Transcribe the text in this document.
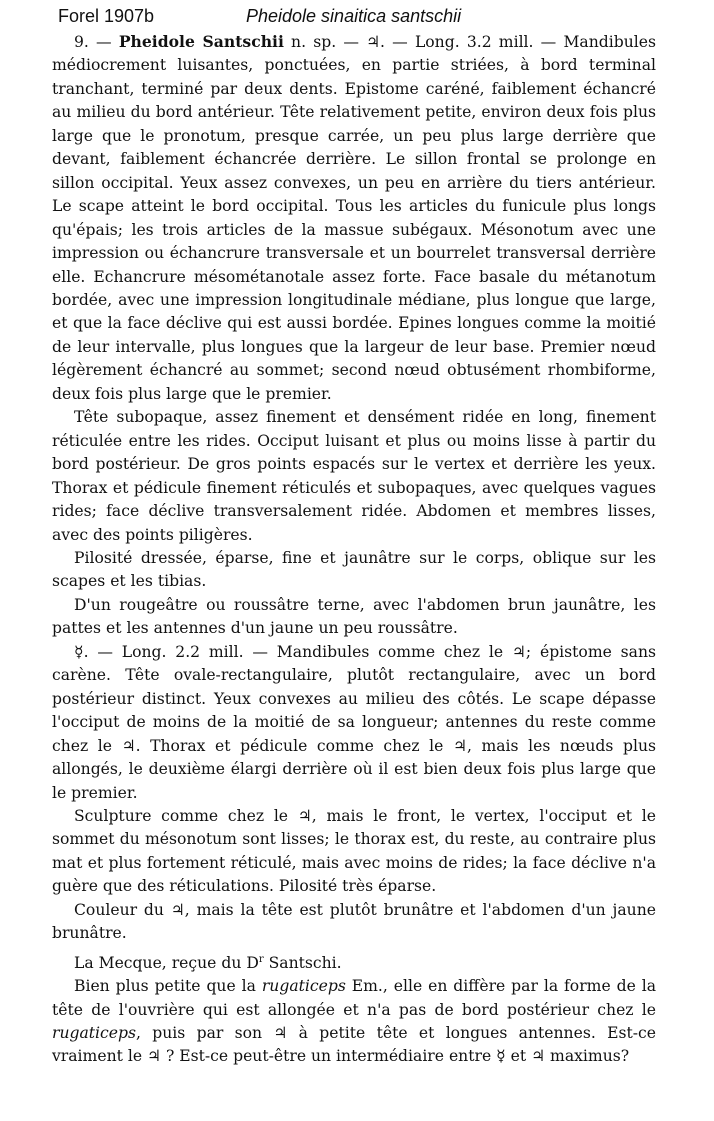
Forel 1907b	Pheidole sinaitica santschii

9. — Pheidole Santschii n. sp. — ♃. — Long. 3.2 mill. — Mandibules médiocrement luisantes, ponctuées, en partie striées, à bord terminal tranchant, terminé par deux dents. Epistome caréné, faiblement échancré au milieu du bord antérieur. Tête relativement petite, environ deux fois plus large que le pronotum, presque carrée, un peu plus large derrière que devant, faiblement échancrée derrière. Le sillon frontal se prolonge en sillon occipital. Yeux assez convexes, un peu en arrière du tiers antérieur. Le scape atteint le bord occipital. Tous les articles du funicule plus longs qu'épais; les trois articles de la massue subégaux. Mésonotum avec une impression ou échancrure transversale et un bourrelet transversal derrière elle. Echancrure mésométanotale assez forte. Face basale du métanotum bordée, avec une impression longitudinale médiane, plus longue que large, et que la face déclive qui est aussi bordée. Epines longues comme la moitié de leur intervalle, plus longues que la largeur de leur base. Premier nœud légèrement échancré au sommet; second nœud obtusément rhombiforme, deux fois plus large que le premier.

Tête subopaque, assez finement et densément ridée en long, finement réticulée entre les rides. Occiput luisant et plus ou moins lisse à partir du bord postérieur. De gros points espacés sur le vertex et derrière les yeux. Thorax et pédicule finement réticulés et subopaques, avec quelques vagues rides; face déclive transversalement ridée. Abdomen et membres lisses, avec des points piligères.

Pilosité dressée, éparse, fine et jaunâtre sur le corps, oblique sur les scapes et les tibias.

D'un rougeâtre ou roussâtre terne, avec l'abdomen brun jaunâtre, les pattes et les antennes d'un jaune un peu roussâtre.

☿. — Long. 2.2 mill. — Mandibules comme chez le ♃; épistome sans carène. Tête ovale-rectangulaire, plutôt rectangulaire, avec un bord postérieur distinct. Yeux convexes au milieu des côtés. Le scape dépasse l'occiput de moins de la moitié de sa longueur; antennes du reste comme chez le ♃. Thorax et pédicule comme chez le ♃, mais les nœuds plus allongés, le deuxième élargi derrière où il est bien deux fois plus large que le premier.

Sculpture comme chez le ♃, mais le front, le vertex, l'occiput et le sommet du mésonotum sont lisses; le thorax est, du reste, au contraire plus mat et plus fortement réticulé, mais avec moins de rides; la face déclive n'a guère que des réticulations. Pilosité très éparse.

Couleur du ♃, mais la tête est plutôt brunâtre et l'abdomen d'un jaune brunâtre.

La Mecque, reçue du $D^r$ Santschi.

Bien plus petite que la rugaticeps Em., elle en diffère par la forme de la tête de l'ouvrière qui est allongée et n'a pas de bord postérieur chez le rugaticeps, puis par son ♃ à petite tête et longues antennes. Est-ce vraiment le ♃ ? Est-ce peut-être un intermédiaire entre ☿ et ♃ maximus?
